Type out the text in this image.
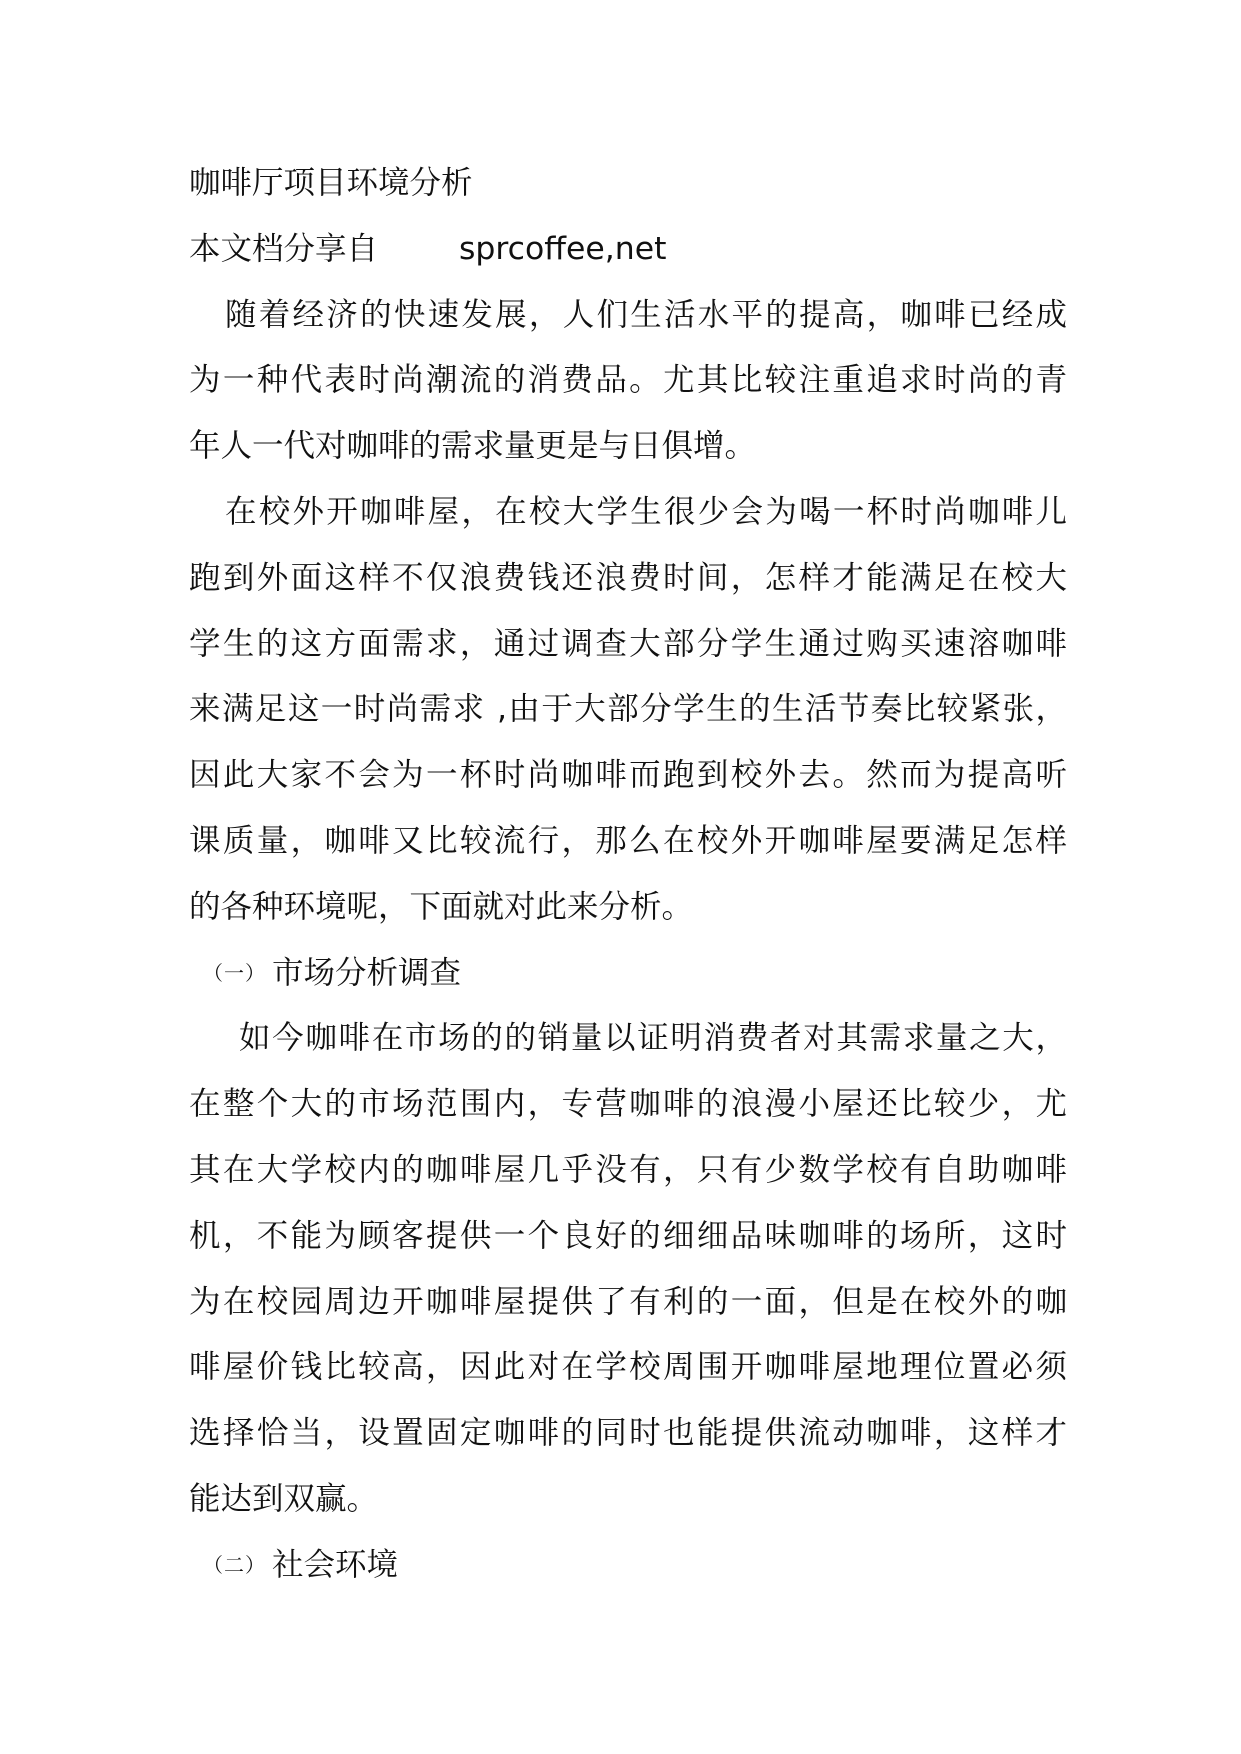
咖啡厅项目环境分析
本文档分享自	sprcoffee,net
随着经济的快速发展，人们生活水平的提高，咖啡已经成
为一种代表时尚潮流的消费品。尤其比较注重追求时尚的青
年人一代对咖啡的需求量更是与日俱增。
在校外开咖啡屋，在校大学生很少会为喝一杯时尚咖啡儿
跑到外面这样不仅浪费钱还浪费时间，怎样才能满足在校大
学生的这方面需求，通过调查大部分学生通过购买速溶咖啡
来满足这一时尚需求 ,由于大部分学生的生活节奏比较紧张，
因此大家不会为一杯时尚咖啡而跑到校外去。然而为提高听
课质量，咖啡又比较流行，那么在校外开咖啡屋要满足怎样
的各种环境呢，下面就对此来分析。
（一） 市场分析调查
如今咖啡在市场的的销量以证明消费者对其需求量之大，
在整个大的市场范围内，专营咖啡的浪漫小屋还比较少，尤
其在大学校内的咖啡屋几乎没有，只有少数学校有自助咖啡
机，不能为顾客提供一个良好的细细品味咖啡的场所，这时
为在校园周边开咖啡屋提供了有利的一面，但是在校外的咖
啡屋价钱比较高，因此对在学校周围开咖啡屋地理位置必须
选择恰当，设置固定咖啡的同时也能提供流动咖啡，这样才
能达到双赢。
（二） 社会环境
